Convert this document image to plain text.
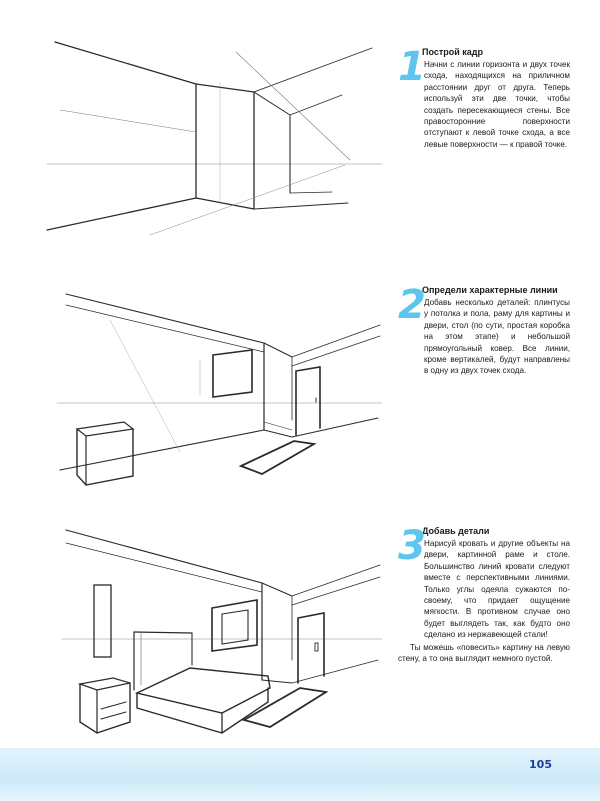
1
Построй кадр

Начни с линии горизонта и двух точек схода, находящихся на приличном расстоянии друг от друга. Теперь используй эти две точки, чтобы создать пересекающиеся стены. Все правосторонние поверхности отступают к левой точке схода, а все левые поверхности — к правой точке.

2
Определи характерные линии

Добавь несколько деталей: плинтусы у потолка и пола, раму для картины и двери, стол (по сути, простая коробка на этом этапе) и небольшой прямоугольный ковер. Все линии, кроме вертикалей, будут направлены в одну из двух точек схода.

3
Добавь детали

Нарисуй кровать и другие объекты на двери, картинной раме и столе. Большинство линий кровати следуют вместе с перспективными линиями. Только углы одеяла сужаются по-своему, что придает ощущение мягкости. В противном случае оно будет выглядеть так, как будто оно сделано из нержавеющей стали!

Ты можешь «повесить» картину на левую стену, а то она выглядит немного пустой.

105
